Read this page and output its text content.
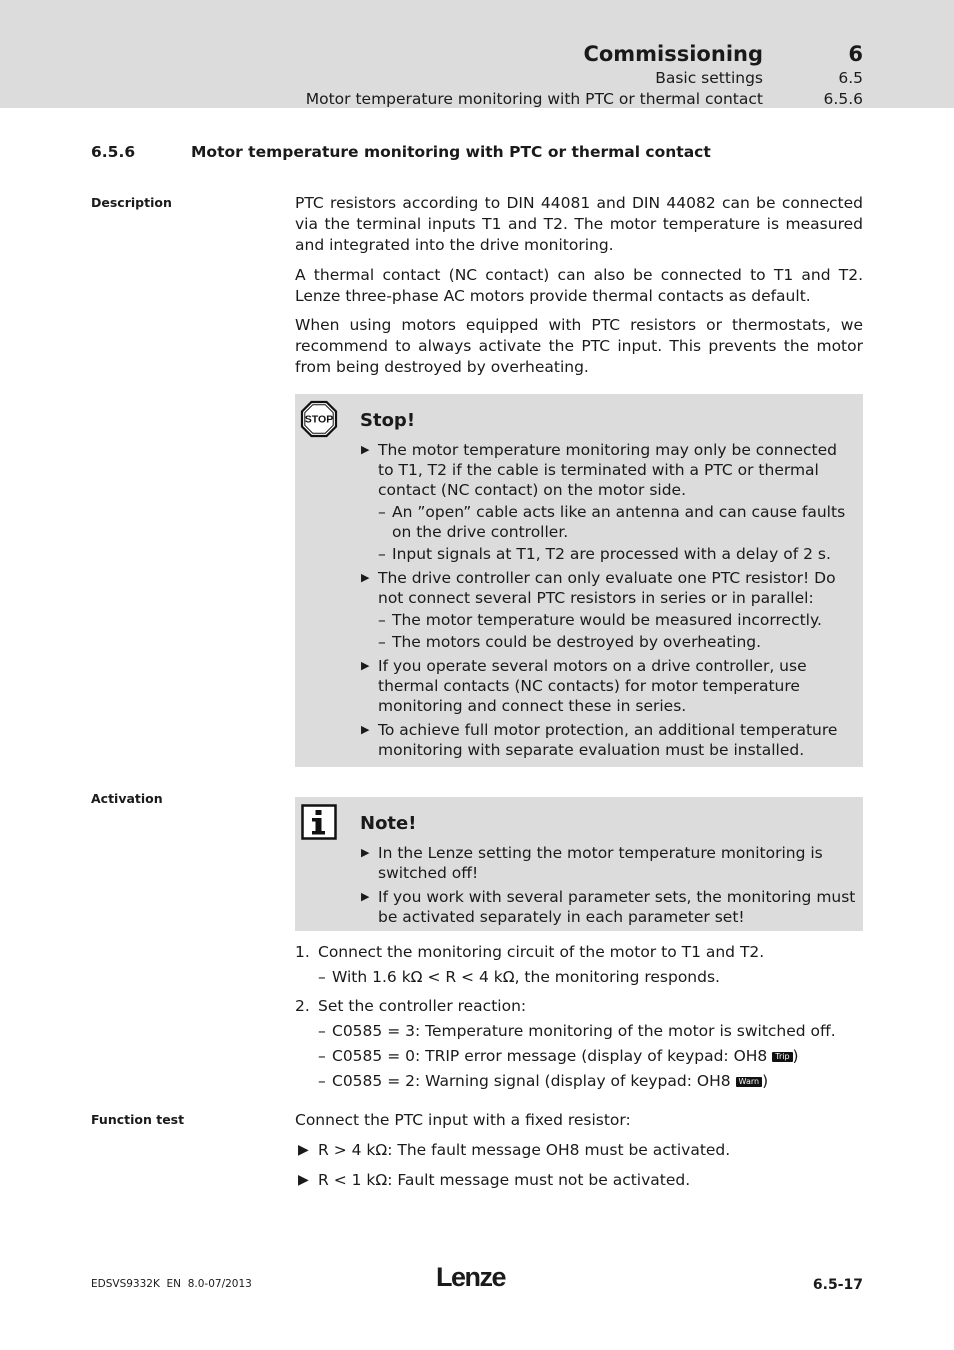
Commissioning	6
Basic settings	6.5
Motor temperature monitoring with PTC or thermal contact	6.5.6
6.5.6	Motor temperature monitoring with PTC or thermal contact
Description	PTC resistors according to DIN 44081 and DIN 44082 can be connected via the terminal inputs T1 and T2. The motor temperature is measured and integrated into the drive monitoring.

A thermal contact (NC contact) can also be connected to T1 and T2. Lenze three-phase AC motors provide thermal contacts as default.

When using motors equipped with PTC resistors or thermostats, we recommend to always activate the PTC input. This prevents the motor from being destroyed by overheating.

STOP Stop!
▶ The motor temperature monitoring may only be connected to T1, T2 if the cable is terminated with a PTC or thermal contact (NC contact) on the motor side.
– An ”open” cable acts like an antenna and can cause faults on the drive controller.
– Input signals at T1, T2 are processed with a delay of 2 s.
▶ The drive controller can only evaluate one PTC resistor! Do not connect several PTC resistors in series or in parallel:
– The motor temperature would be measured incorrectly.
– The motors could be destroyed by overheating.
▶ If you operate several motors on a drive controller, use thermal contacts (NC contacts) for motor temperature monitoring and connect these in series.
▶ To achieve full motor protection, an additional temperature monitoring with separate evaluation must be installed.
Activation
Note!
▶ In the Lenze setting the motor temperature monitoring is switched off!
▶ If you work with several parameter sets, the monitoring must be activated separately in each parameter set!
1. Connect the monitoring circuit of the motor to T1 and T2.
– With 1.6 kΩ < R < 4 kΩ, the monitoring responds.
2. Set the controller reaction:
– C0585 = 3: Temperature monitoring of the motor is switched off.
– C0585 = 0: TRIP error message (display of keypad: OH8 Trip )
– C0585 = 2: Warning signal (display of keypad: OH8 Warn )
Function test	Connect the PTC input with a fixed resistor:
▶ R > 4 kΩ: The fault message OH8 must be activated.
▶ R < 1 kΩ: Fault message must not be activated.
EDSVS9332K EN 8.0-07/2013	Lenze	6.5-17
